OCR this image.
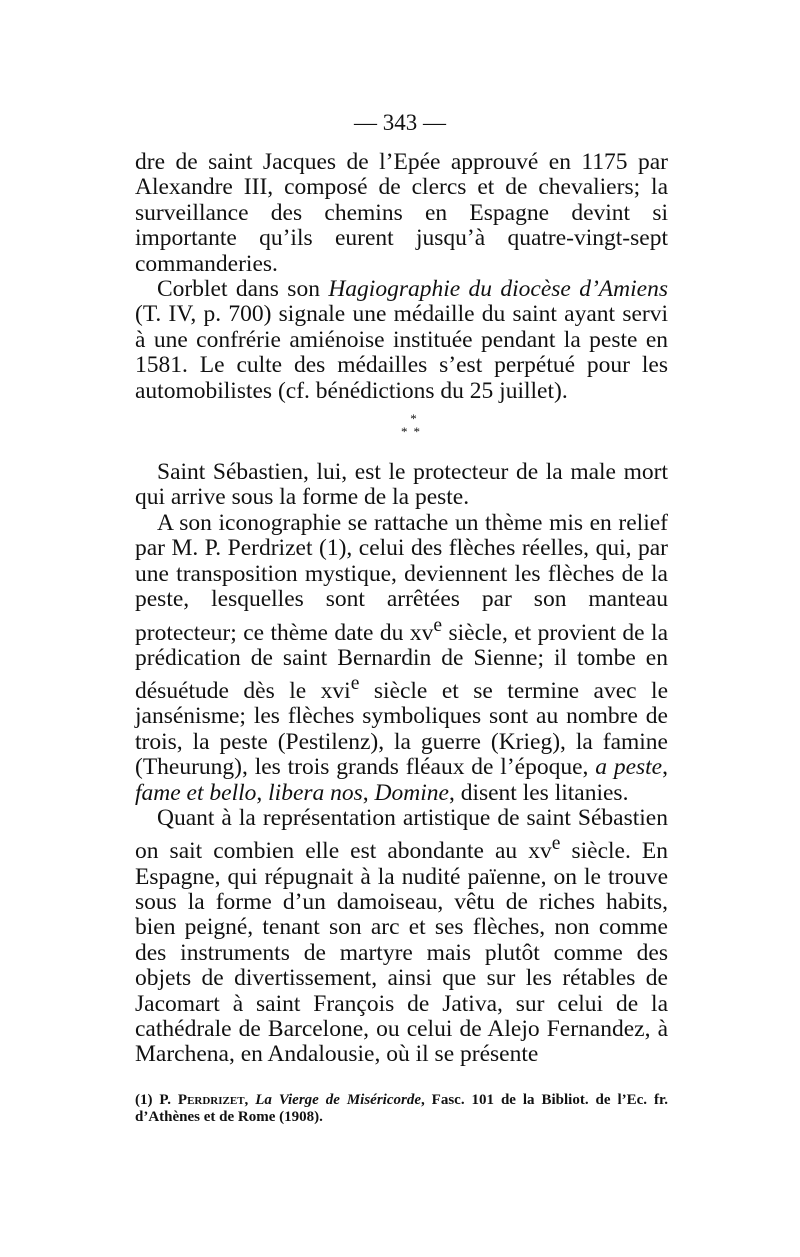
— 343 —

dre de saint Jacques de l’Epée approuvé en 1175 par Alexandre III, composé de clercs et de chevaliers; la surveillance des chemins en Espagne devint si importante qu’ils eurent jusqu’à quatre-vingt-sept commanderies.

Corblet dans son Hagiographie du diocèse d’Amiens (T. IV, p. 700) signale une médaille du saint ayant servi à une confrérie amiénoise instituée pendant la peste en 1581. Le culte des médailles s’est perpétué pour les automobilistes (cf. bénédictions du 25 juillet).

*
**

Saint Sébastien, lui, est le protecteur de la male mort qui arrive sous la forme de la peste.

A son iconographie se rattache un thème mis en relief par M. P. Perdrizet (1), celui des flèches réelles, qui, par une transposition mystique, deviennent les flèches de la peste, lesquelles sont arrêtées par son manteau protecteur; ce thème date du $xv^e$ siècle, et provient de la prédication de saint Bernardin de Sienne; il tombe en désuétude dès le xvi$^e$ siècle et se termine avec le jansénisme; les flèches symboliques sont au nombre de trois, la peste (Pestilenz), la guerre (Krieg), la famine (Theurung), les trois grands fléaux de l’époque, a peste, fame et bello, libera nos, Domine, disent les litanies.

Quant à la représentation artistique de saint Sébastien on sait combien elle est abondante au $xv^e$ siècle. En Espagne, qui répugnait à la nudité païenne, on le trouve sous la forme d’un damoiseau, vêtu de riches habits, bien peigné, tenant son arc et ses flèches, non comme des instruments de martyre mais plutôt comme des objets de divertissement, ainsi que sur les rétables de Jacomart à saint François de Jativa, sur celui de la cathédrale de Barcelone, ou celui de Alejo Fernandez, à Marchena, en Andalousie, où il se présente

(1) P. Perdrizet, La Vierge de Miséricorde, Fasc. 101 de la Bibliot. de l’Ec. fr. d’Athènes et de Rome (1908).
